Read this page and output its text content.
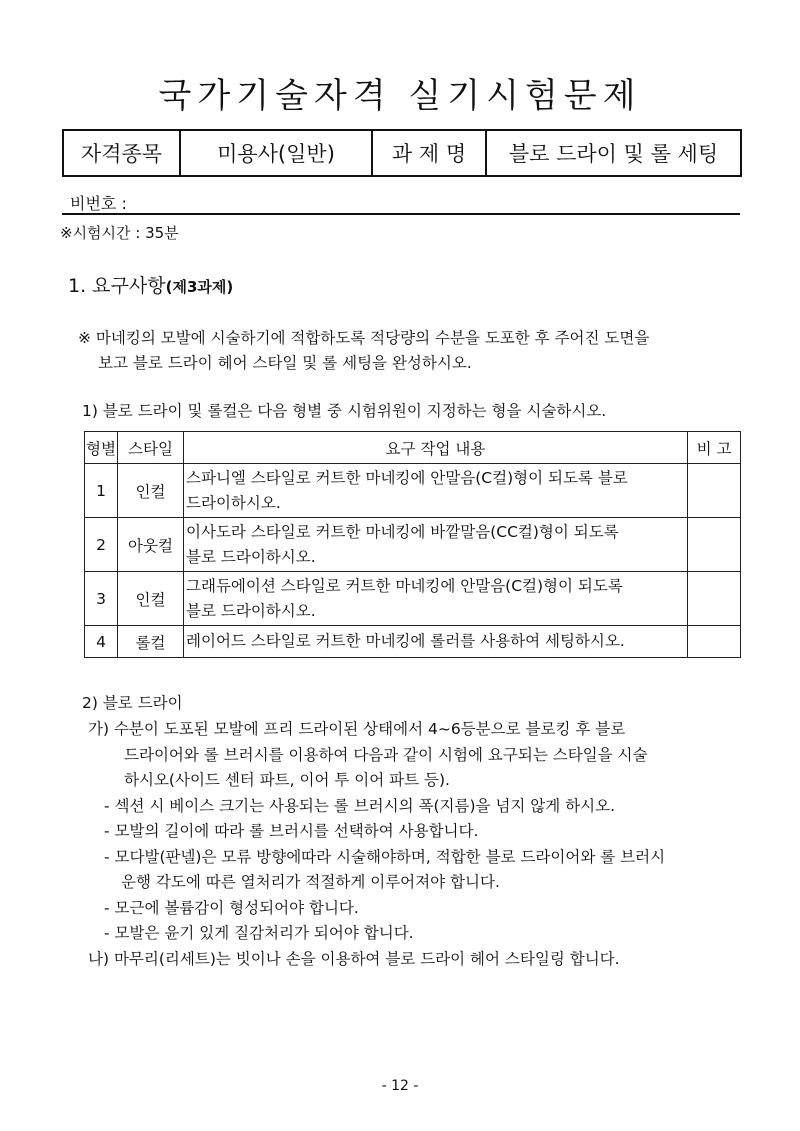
국가기술자격 실기시험문제
자격종목	미용사(일반)	과 제 명	블로 드라이 및 롤 세팅
비번호 :
※시험시간 : 35분
1. 요구사항(제3과제)
※ 마네킹의 모발에 시술하기에 적합하도록 적당량의 수분을 도포한 후 주어진 도면을
보고 블로 드라이 헤어 스타일 및 롤 세팅을 완성하시오.
1) 블로 드라이 및 롤컬은 다음 형별 중 시험위원이 지정하는 형을 시술하시오.
형별	스타일	요구 작업 내용	비 고
1	인컬	스파니엘 스타일로 커트한 마네킹에 안말음(C컬)형이 되도록 블로
드라이하시오.	

2	아웃컬	이사도라 스타일로 커트한 마네킹에 바깥말음(CC컬)형이 되도록
블로 드라이하시오.	

3	인컬	그래듀에이션 스타일로 커트한 마네킹에 안말음(C컬)형이 되도록
블로 드라이하시오.	

4	롤컬	레이어드 스타일로 커트한 마네킹에 롤러를 사용하여 세팅하시오.	

2) 블로 드라이
가) 수분이 도포된 모발에 프리 드라이된 상태에서 4~6등분으로 블로킹 후 블로
드라이어와 롤 브러시를 이용하여 다음과 같이 시험에 요구되는 스타일을 시술
하시오(사이드 센터 파트, 이어 투 이어 파트 등).
- 섹션 시 베이스 크기는 사용되는 롤 브러시의 폭(지름)을 넘지 않게 하시오.
- 모발의 길이에 따라 롤 브러시를 선택하여 사용합니다.
- 모다발(판넬)은 모류 방향에따라 시술해야하며, 적합한 블로 드라이어와 롤 브러시
운행 각도에 따른 열처리가 적절하게 이루어져야 합니다.
- 모근에 볼륨감이 형성되어야 합니다.
- 모발은 윤기 있게 질감처리가 되어야 합니다.
나) 마무리(리세트)는 빗이나 손을 이용하여 블로 드라이 헤어 스타일링 합니다.
- 12 -
